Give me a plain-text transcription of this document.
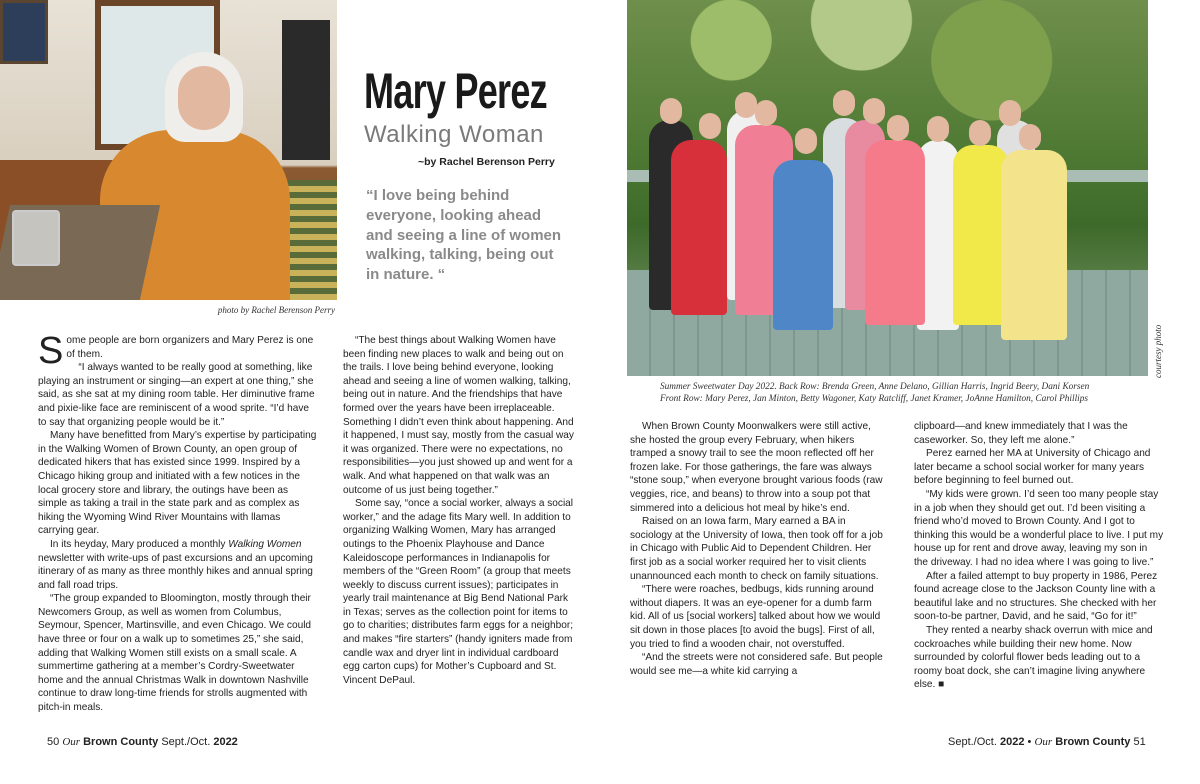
photo by Rachel Berenson Perry
Mary Perez
Walking Woman
~by Rachel Berenson Perry
“I love being behind everyone, looking ahead and seeing a line of women walking, talking, being out in nature. “

Some people are born organizers and Mary Perez is one of them.

“I always wanted to be really good at something, like playing an instrument or singing—an expert at one thing,” she said, as she sat at my dining room table. Her diminutive frame and pixie-like face are reminiscent of a wood sprite. “I’d have to say that organizing people would be it.”

Many have benefitted from Mary’s expertise by participating in the Walking Women of Brown County, an open group of dedicated hikers that has existed since 1999. Inspired by a Chicago hiking group and initiated with a few notices in the local grocery store and library, the outings have been as simple as taking a trail in the state park and as complex as hiking the Wyoming Wind River Mountains with llamas carrying gear.

In its heyday, Mary produced a monthly Walking Women newsletter with write-ups of past excursions and an upcoming itinerary of as many as three monthly hikes and annual spring and fall road trips.

“The group expanded to Bloomington, mostly through their Newcomers Group, as well as women from Columbus, Seymour, Spencer, Martinsville, and even Chicago. We could have three or four on a walk up to sometimes 25,” she said, adding that Walking Women still exists on a small scale. A summertime gathering at a member’s Cordry-Sweetwater home and the annual Christmas Walk in downtown Nashville continue to draw long-time friends for strolls augmented with pitch-in meals.

“The best things about Walking Women have been finding new places to walk and being out on the trails. I love being behind everyone, looking ahead and seeing a line of women walking, talking, being out in nature. And the friendships that have formed over the years have been irreplaceable. Something I didn’t even think about happening. And it happened, I must say, mostly from the casual way it was organized. There were no expectations, no responsibilities—you just showed up and went for a walk. And what happened on that walk was an outcome of us just being together.”

Some say, “once a social worker, always a social worker,” and the adage fits Mary well. In addition to organizing Walking Women, Mary has arranged outings to the Phoenix Playhouse and Dance Kaleidoscope performances in Indianapolis for members of the “Green Room” (a group that meets weekly to discuss current issues); participates in yearly trail maintenance at Big Bend National Park in Texas; serves as the collection point for items to go to charities; distributes farm eggs for a neighbor; and makes “fire starters” (handy igniters made from candle wax and dryer lint in individual cardboard egg carton cups) for Mother’s Cupboard and St. Vincent DePaul.

courtesy photo
Summer Sweetwater Day 2022. Back Row: Brenda Green, Anne Delano, Gillian Harris, Ingrid Beery, Dani Korsen
Front Row: Mary Perez, Jan Minton, Betty Wagoner, Katy Ratcliff, Janet Kramer, JoAnne Hamilton, Carol Phillips

When Brown County Moonwalkers were still active, she hosted the group every February, when hikers tramped a snowy trail to see the moon reflected off her frozen lake. For those gatherings, the fare was always “stone soup,” when everyone brought various foods (raw veggies, rice, and beans) to throw into a soup pot that simmered into a delicious hot meal by hike’s end.

Raised on an Iowa farm, Mary earned a BA in sociology at the University of Iowa, then took off for a job in Chicago with Public Aid to Dependent Children. Her first job as a social worker required her to visit clients unannounced each month to check on family situations.

“There were roaches, bedbugs, kids running around without diapers. It was an eye-opener for a dumb farm kid. All of us [social workers] talked about how we would sit down in those places [to avoid the bugs]. First of all, you tried to find a wooden chair, not overstuffed.

“And the streets were not considered safe. But people would see me—a white kid carrying a

clipboard—and knew immediately that I was the caseworker. So, they left me alone.”

Perez earned her MA at University of Chicago and later became a school social worker for many years before beginning to feel burned out.

“My kids were grown. I’d seen too many people stay in a job when they should get out. I’d been visiting a friend who’d moved to Brown County. And I got to thinking this would be a wonderful place to live. I put my house up for rent and drove away, leaving my son in the driveway. I had no idea where I was going to live.”

After a failed attempt to buy property in 1986, Perez found acreage close to the Jackson County line with a beautiful lake and no structures. She checked with her soon-to-be partner, David, and he said, “Go for it!”

They rented a nearby shack overrun with mice and cockroaches while building their new home. Now surrounded by colorful flower beds leading out to a roomy boat dock, she can’t imagine living anywhere else. ■

50 Our Brown County Sept./Oct. 2022	Sept./Oct. 2022 • Our Brown County 51
